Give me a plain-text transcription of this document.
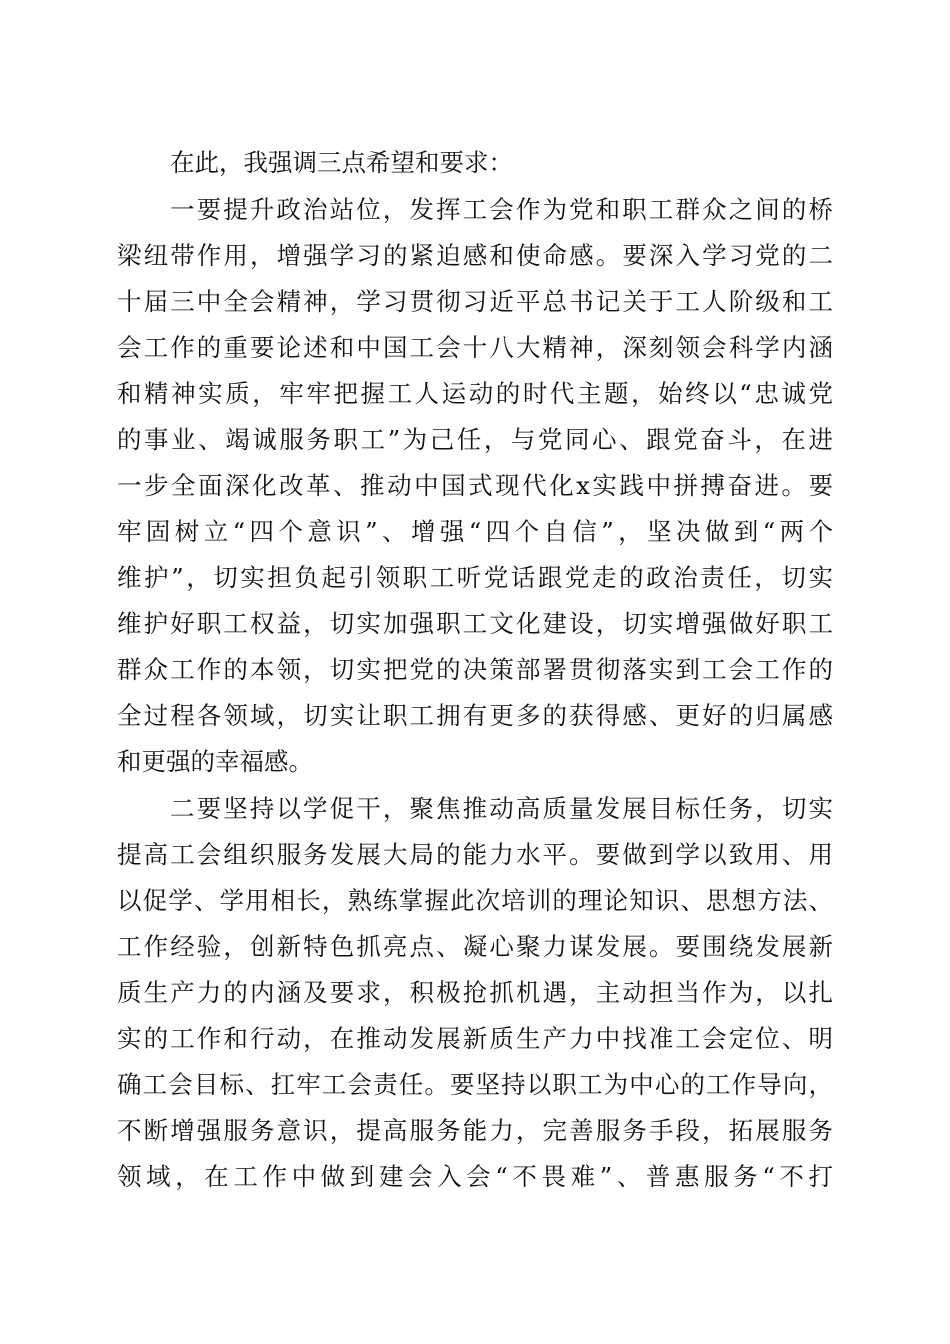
在此，我强调三点希望和要求：
一要提升政治站位，发挥工会作为党和职工群众之间的桥
梁纽带作用，增强学习的紧迫感和使命感。要深入学习党的二
十届三中全会精神，学习贯彻习近平总书记关于工人阶级和工
会工作的重要论述和中国工会十八大精神，深刻领会科学内涵
和精神实质，牢牢把握工人运动的时代主题，始终以“忠诚党
的事业、竭诚服务职工”为己任，与党同心、跟党奋斗，在进
一步全面深化改革、推动中国式现代化x实践中拼搏奋进。要
牢固树立“四个意识”、增强“四个自信”，坚决做到“两个
维护”，切实担负起引领职工听党话跟党走的政治责任，切实
维护好职工权益，切实加强职工文化建设，切实增强做好职工
群众工作的本领，切实把党的决策部署贯彻落实到工会工作的
全过程各领域，切实让职工拥有更多的获得感、更好的归属感
和更强的幸福感。
二要坚持以学促干，聚焦推动高质量发展目标任务，切实
提高工会组织服务发展大局的能力水平。要做到学以致用、用
以促学、学用相长，熟练掌握此次培训的理论知识、思想方法、
工作经验，创新特色抓亮点、凝心聚力谋发展。要围绕发展新
质生产力的内涵及要求，积极抢抓机遇，主动担当作为，以扎
实的工作和行动，在推动发展新质生产力中找准工会定位、明
确工会目标、扛牢工会责任。要坚持以职工为中心的工作导向，
不断增强服务意识，提高服务能力，完善服务手段，拓展服务
领域，在工作中做到建会入会“不畏难”、普惠服务“不打
